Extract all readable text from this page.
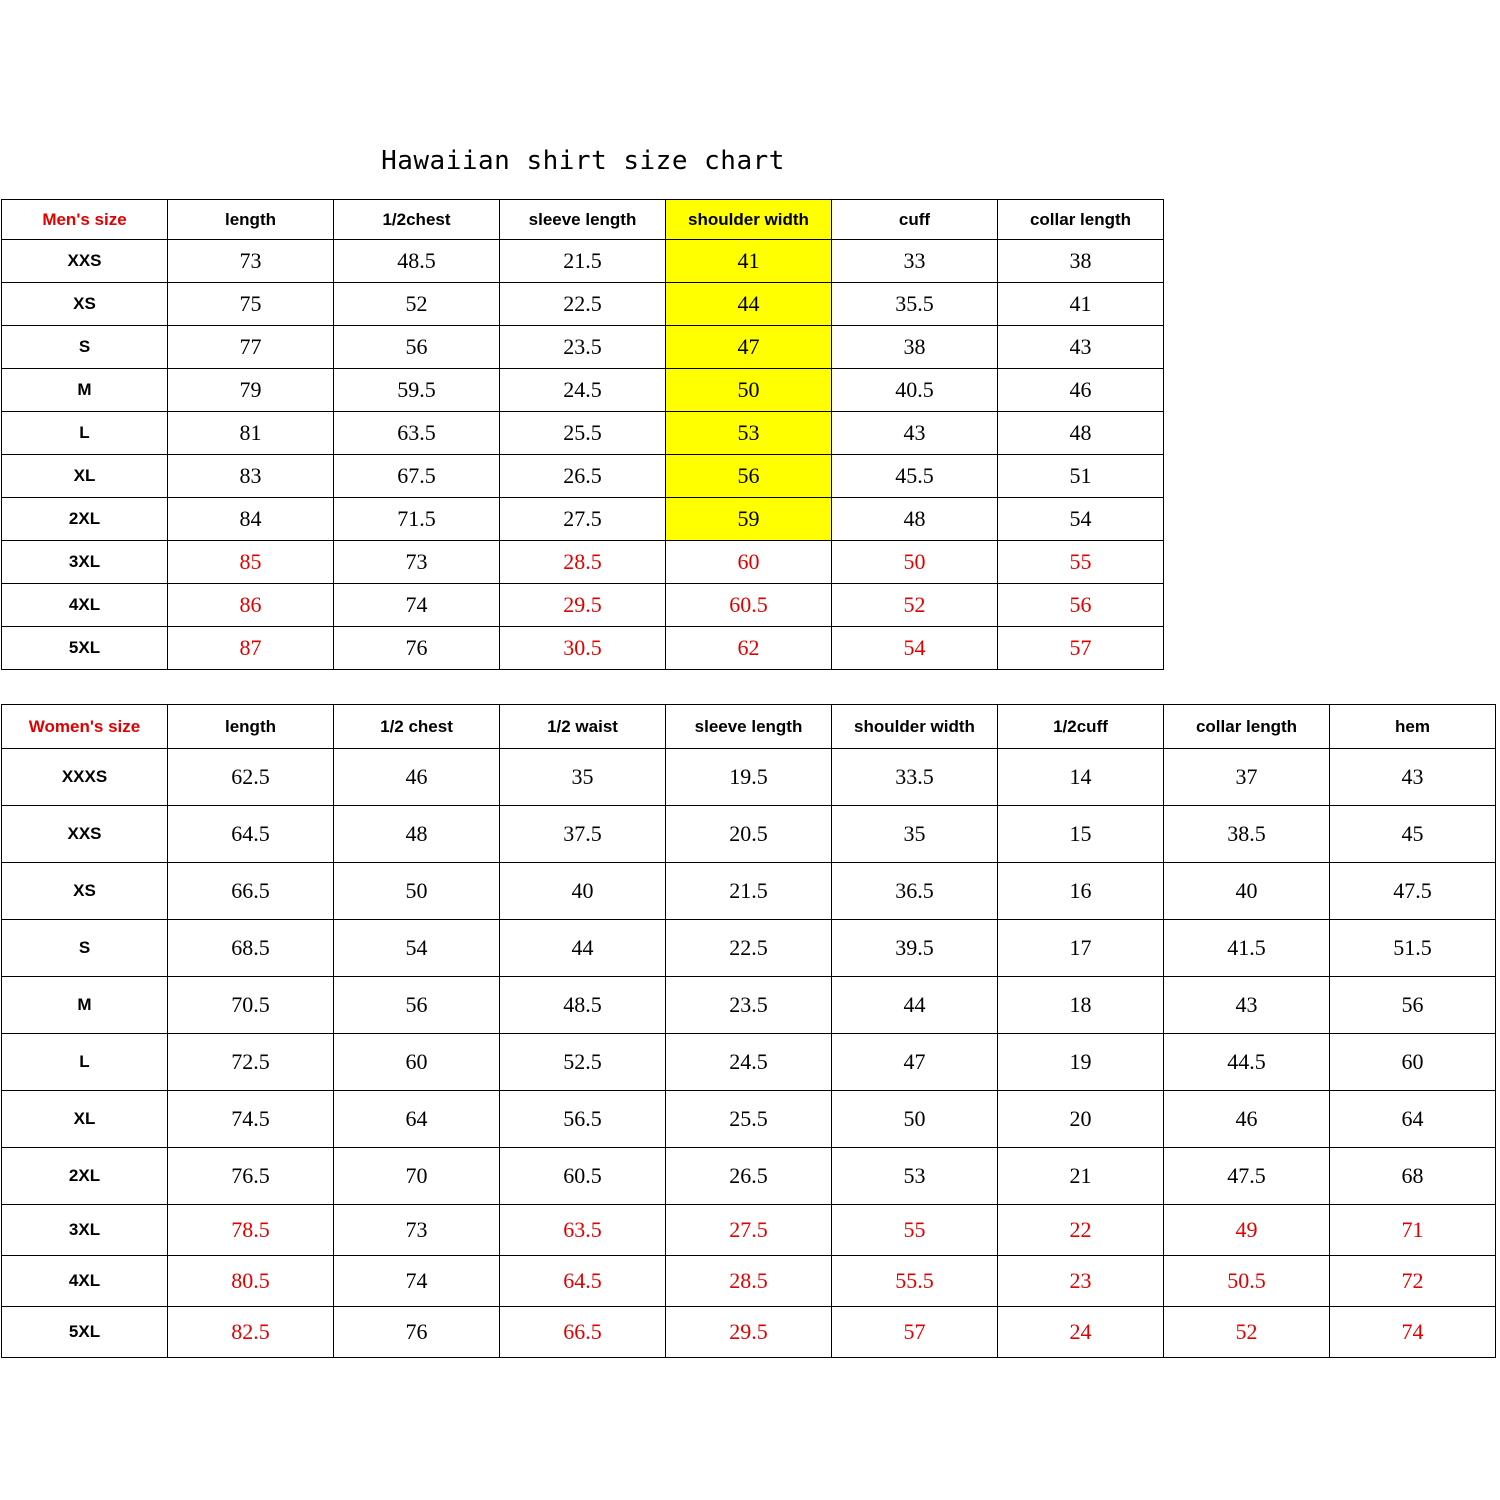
Hawaiian shirt size chart
Men's size	length	1/2chest	sleeve length	shoulder width	cuff	collar length
XXS	73	48.5	21.5	41	33	38
XS	75	52	22.5	44	35.5	41
S	77	56	23.5	47	38	43
M	79	59.5	24.5	50	40.5	46
L	81	63.5	25.5	53	43	48
XL	83	67.5	26.5	56	45.5	51
2XL	84	71.5	27.5	59	48	54
3XL	85	73	28.5	60	50	55
4XL	86	74	29.5	60.5	52	56
5XL	87	76	30.5	62	54	57
Women's size	length	1/2 chest	1/2 waist	sleeve length	shoulder width	1/2cuff	collar length	hem
XXXS	62.5	46	35	19.5	33.5	14	37	43
XXS	64.5	48	37.5	20.5	35	15	38.5	45
XS	66.5	50	40	21.5	36.5	16	40	47.5
S	68.5	54	44	22.5	39.5	17	41.5	51.5
M	70.5	56	48.5	23.5	44	18	43	56
L	72.5	60	52.5	24.5	47	19	44.5	60
XL	74.5	64	56.5	25.5	50	20	46	64
2XL	76.5	70	60.5	26.5	53	21	47.5	68
3XL	78.5	73	63.5	27.5	55	22	49	71
4XL	80.5	74	64.5	28.5	55.5	23	50.5	72
5XL	82.5	76	66.5	29.5	57	24	52	74
